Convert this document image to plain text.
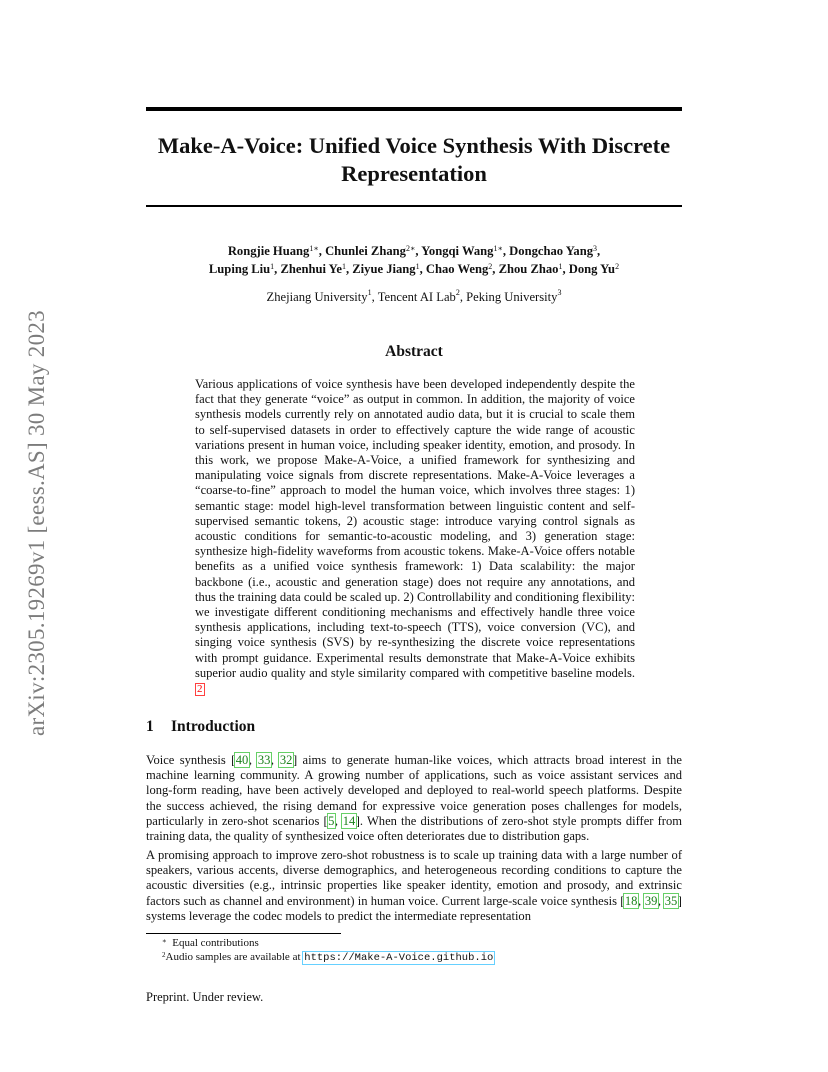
arXiv:2305.19269v1 [eess.AS] 30 May 2023
Make-A-Voice: Unified Voice Synthesis With Discrete
Representation
Rongjie Huang$^{1∗}$, Chunlei Zhang$^{2∗}$, Yongqi Wang$^{1∗}$, Dongchao Yang$^3$,
Luping Liu$^1$, Zhenhui Ye$^1$, Ziyue Jiang$^1$, Chao Weng$^2$, Zhou Zhao$^1$, Dong Yu$^2$
Zhejiang University$^1$, Tencent AI Lab$^2$, Peking University$^3$
Abstract

Various applications of voice synthesis have been developed independently despite the fact that they generate “voice” as output in common. In addition, the majority of voice synthesis models currently rely on annotated audio data, but it is crucial to scale them to self-supervised datasets in order to effectively capture the wide range of acoustic variations present in human voice, including speaker identity, emotion, and prosody. In this work, we propose Make-A-Voice, a unified framework for synthesizing and manipulating voice signals from discrete representations. Make-A-Voice leverages a “coarse-to-fine” approach to model the human voice, which involves three stages: 1) semantic stage: model high-level transformation between linguistic content and self-supervised semantic tokens, 2) acoustic stage: introduce varying control signals as acoustic conditions for semantic-to-acoustic modeling, and 3) generation stage: synthesize high-fidelity waveforms from acoustic tokens. Make-A-Voice offers notable benefits as a unified voice synthesis framework: 1) Data scalability: the major backbone (i.e., acoustic and generation stage) does not require any annotations, and thus the training data could be scaled up. 2) Controllability and conditioning flexibility: we investigate different conditioning mechanisms and effectively handle three voice synthesis applications, including text-to-speech (TTS), voice conversion (VC), and singing voice synthesis (SVS) by re-synthesizing the discrete voice representations with prompt guidance. Experimental results demonstrate that Make-A-Voice exhibits superior audio quality and style similarity compared with competitive baseline models. 2

1 Introduction

Voice synthesis [40, 33, 32] aims to generate human-like voices, which attracts broad interest in the machine learning community. A growing number of applications, such as voice assistant services and long-form reading, have been actively developed and deployed to real-world speech platforms. Despite the success achieved, the rising demand for expressive voice generation poses challenges for models, particularly in zero-shot scenarios [5, 14]. When the distributions of zero-shot style prompts differ from training data, the quality of synthesized voice often deteriorates due to distribution gaps.

A promising approach to improve zero-shot robustness is to scale up training data with a large number of speakers, various accents, diverse demographics, and heterogeneous recording conditions to capture the acoustic diversities (e.g., intrinsic properties like speaker identity, emotion and prosody, and extrinsic factors such as channel and environment) in human voice. Current large-scale voice synthesis [18, 39, 35] systems leverage the codec models to predict the intermediate representation

∗ Equal contributions
$^2$Audio samples are available at https://Make-A-Voice.github.io
Preprint. Under review.
